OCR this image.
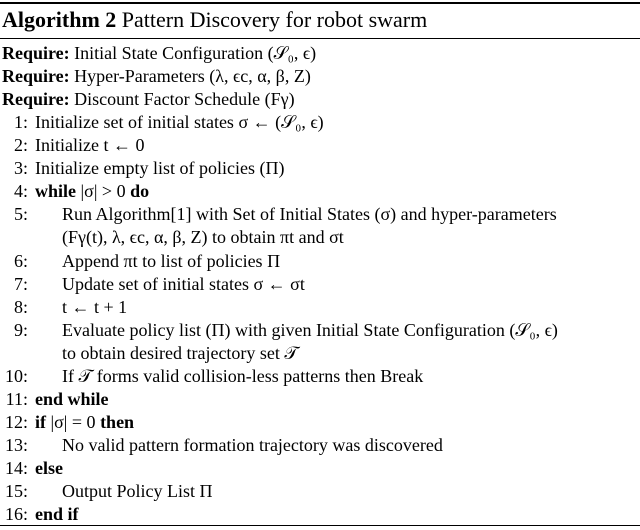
Algorithm 2 Pattern Discovery for robot swarm
Require: Initial State Configuration (𝒮₀, ϵ)
Require: Hyper-Parameters (λ, ϵc, α, β, Z)
Require: Discount Factor Schedule (Fγ)
1: Initialize set of initial states σ ← (𝒮₀, ϵ)
2: Initialize t ← 0
3: Initialize empty list of policies (Π)
4: while |σ| > 0 do
5: Run Algorithm[1] with Set of Initial States (σ) and hyper-parameters
(Fγ(t), λ, ϵc, α, β, Z) to obtain πt and σt
6: Append πt to list of policies Π
7: Update set of initial states σ ← σt
8: t ← t + 1
9: Evaluate policy list (Π) with given Initial State Configuration (𝒮₀, ϵ)
to obtain desired trajectory set 𝒯
10: If 𝒯 forms valid collision-less patterns then Break
11: end while
12: if |σ| = 0 then
13: No valid pattern formation trajectory was discovered
14: else
15: Output Policy List Π
16: end if
